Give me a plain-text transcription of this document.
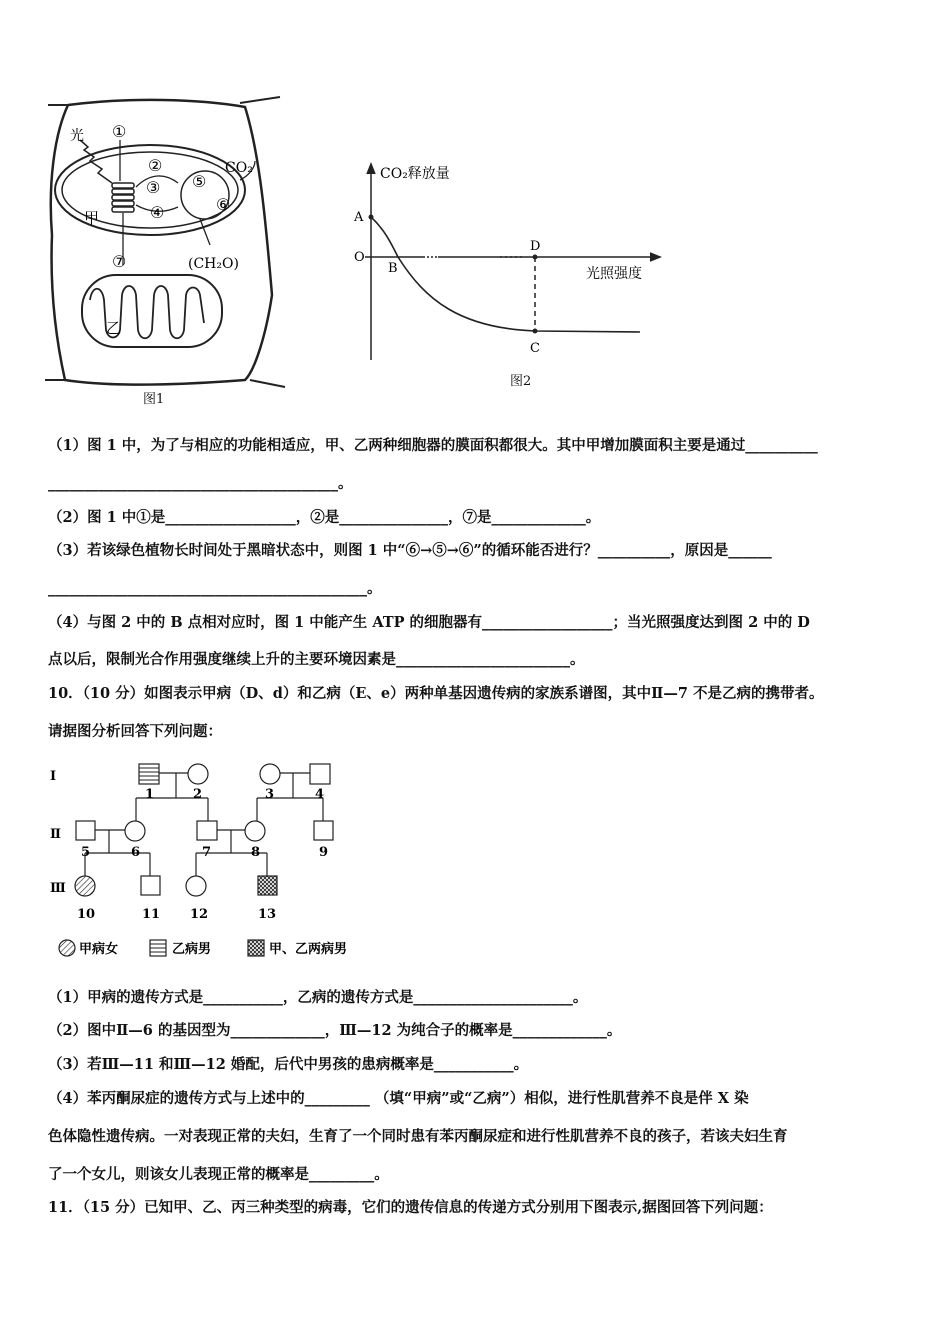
光 ①
②
③
④
⑤
⑥
⑦
CO₂
甲
乙
(CH₂O)
图1
CO₂释放量
光照强度
A
O
B
D
C
图2
（1）图 1 中，为了与相应的功能相适应，甲、乙两种细胞器的膜面积都很大。其中甲增加膜面积主要是通过__________
________________________________________。
（2）图 1 中①是__________________，②是_______________，⑦是_____________。
（3）若该绿色植物长时间处于黑暗状态中，则图 1 中“⑥→⑤→⑥”的循环能否进行？__________，原因是______
____________________________________________。
（4）与图 2 中的 B 点相对应时，图 1 中能产生 ATP 的细胞器有__________________；当光照强度达到图 2 中的 D
点以后，限制光合作用强度继续上升的主要环境因素是________________________。
10．（10 分）如图表示甲病（D、d）和乙病（E、e）两种单基因遗传病的家族系谱图，其中Ⅱ—7 不是乙病的携带者。
请据图分析回答下列问题：
Ⅰ
Ⅱ
Ⅲ
1	2	3	4
5	6	7	8	9
10	11 12	13
甲病女	乙病男	甲、乙两病男
（1）甲病的遗传方式是___________，乙病的遗传方式是______________________。
（2）图中Ⅱ—6 的基因型为_____________，Ⅲ—12 为纯合子的概率是_____________。
（3）若Ⅲ—11 和Ⅲ—12 婚配，后代中男孩的患病概率是___________。
（4）苯丙酮尿症的遗传方式与上述中的_________ （填“甲病”或“乙病”）相似，进行性肌营养不良是伴 X 染
色体隐性遗传病。一对表现正常的夫妇，生育了一个同时患有苯丙酮尿症和进行性肌营养不良的孩子，若该夫妇生育
了一个女儿，则该女儿表现正常的概率是_________。
11．（15 分）已知甲、乙、丙三种类型的病毒，它们的遗传信息的传递方式分别用下图表示,据图回答下列问题：
